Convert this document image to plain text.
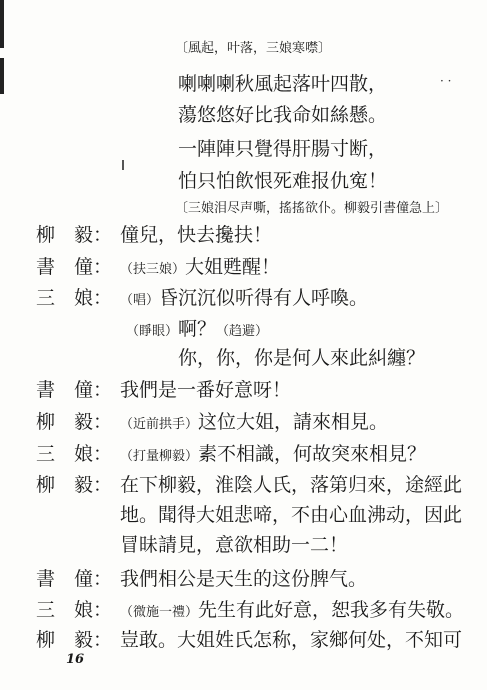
· ·
〔風起，叶落，三娘寒噤〕
喇喇喇秋風起落叶四散，
蕩悠悠好比我命如絲懸。
一陣陣只覺得肝腸寸断，
怕只怕飲恨死难报仇寃！
〔三娘泪尽声嘶，搖搖欲仆。柳毅引書僮急上〕
柳　毅： 僮兒，快去攙扶！
書　僮： （扶三娘）大姐甦醒！
三　娘： （唱）昏沉沉似听得有人呼喚。
（睜眼）啊？（趋避）
你，你，你是何人來此糾纏？
書　僮： 我們是一番好意呀！
柳　毅： （近前拱手）这位大姐，請來相見。
三　娘： （打量柳毅）素不相識，何故突來相見？
柳　毅： 在下柳毅，淮陰人氏，落第归來，途經此
地。聞得大姐悲啼，不由心血沸动，因此
冒昧請見，意欲相助一二！
書　僮： 我們相公是天生的这份脾气。
三　娘： （微施一禮）先生有此好意，恕我多有失敬。
柳　毅： 豈敢。大姐姓氏怎称，家鄉何处，不知可
16
